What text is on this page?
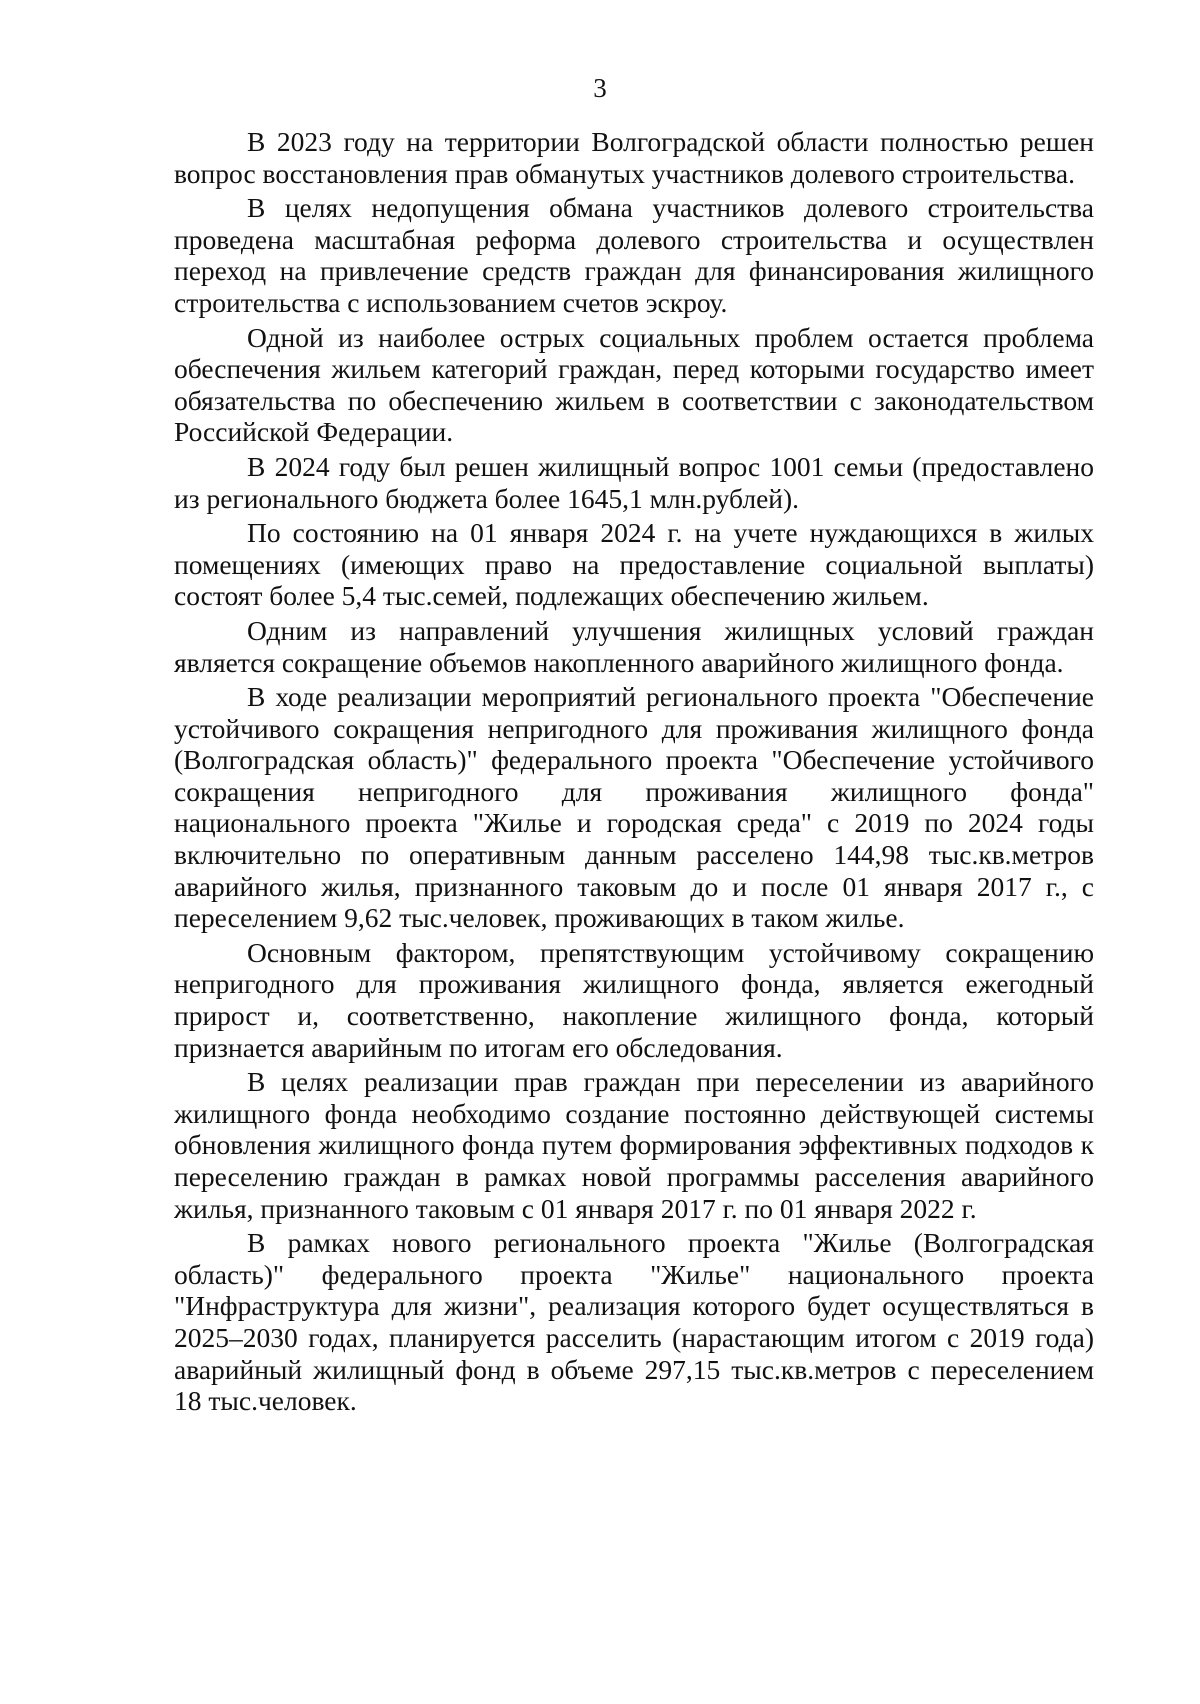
3

В 2023 году на территории Волгоградской области полностью решен вопрос восстановления прав обманутых участников долевого строительства.

В целях недопущения обмана участников долевого строительства проведена масштабная реформа долевого строительства и осуществлен переход на привлечение средств граждан для финансирования жилищного строительства с использованием счетов эскроу.

Одной из наиболее острых социальных проблем остается проблема обеспечения жильем категорий граждан, перед которыми государство имеет обязательства по обеспечению жильем в соответствии с законодательством Российской Федерации.

В 2024 году был решен жилищный вопрос 1001 семьи (предоставлено из регионального бюджета более 1645,1 млн.рублей).

По состоянию на 01 января 2024 г. на учете нуждающихся в жилых помещениях (имеющих право на предоставление социальной выплаты) состоят более 5,4 тыс.семей, подлежащих обеспечению жильем.

Одним из направлений улучшения жилищных условий граждан является сокращение объемов накопленного аварийного жилищного фонда.

В ходе реализации мероприятий регионального проекта "Обеспечение устойчивого сокращения непригодного для проживания жилищного фонда (Волгоградская область)" федерального проекта "Обеспечение устойчивого сокращения непригодного для проживания жилищного фонда" национального проекта "Жилье и городская среда" с 2019 по 2024 годы включительно по оперативным данным расселено 144,98 тыс.кв.метров аварийного жилья, признанного таковым до и после 01 января 2017 г., с переселением 9,62 тыс.человек, проживающих в таком жилье.

Основным фактором, препятствующим устойчивому сокращению непригодного для проживания жилищного фонда, является ежегодный прирост и, соответственно, накопление жилищного фонда, который признается аварийным по итогам его обследования.

В целях реализации прав граждан при переселении из аварийного жилищного фонда необходимо создание постоянно действующей системы обновления жилищного фонда путем формирования эффективных подходов к переселению граждан в рамках новой программы расселения аварийного жилья, признанного таковым с 01 января 2017 г. по 01 января 2022 г.

В рамках нового регионального проекта "Жилье (Волгоградская область)" федерального проекта "Жилье" национального проекта "Инфраструктура для жизни", реализация которого будет осуществляться в 2025–2030 годах, планируется расселить (нарастающим итогом с 2019 года) аварийный жилищный фонд в объеме 297,15 тыс.кв.метров с переселением 18 тыс.человек.
